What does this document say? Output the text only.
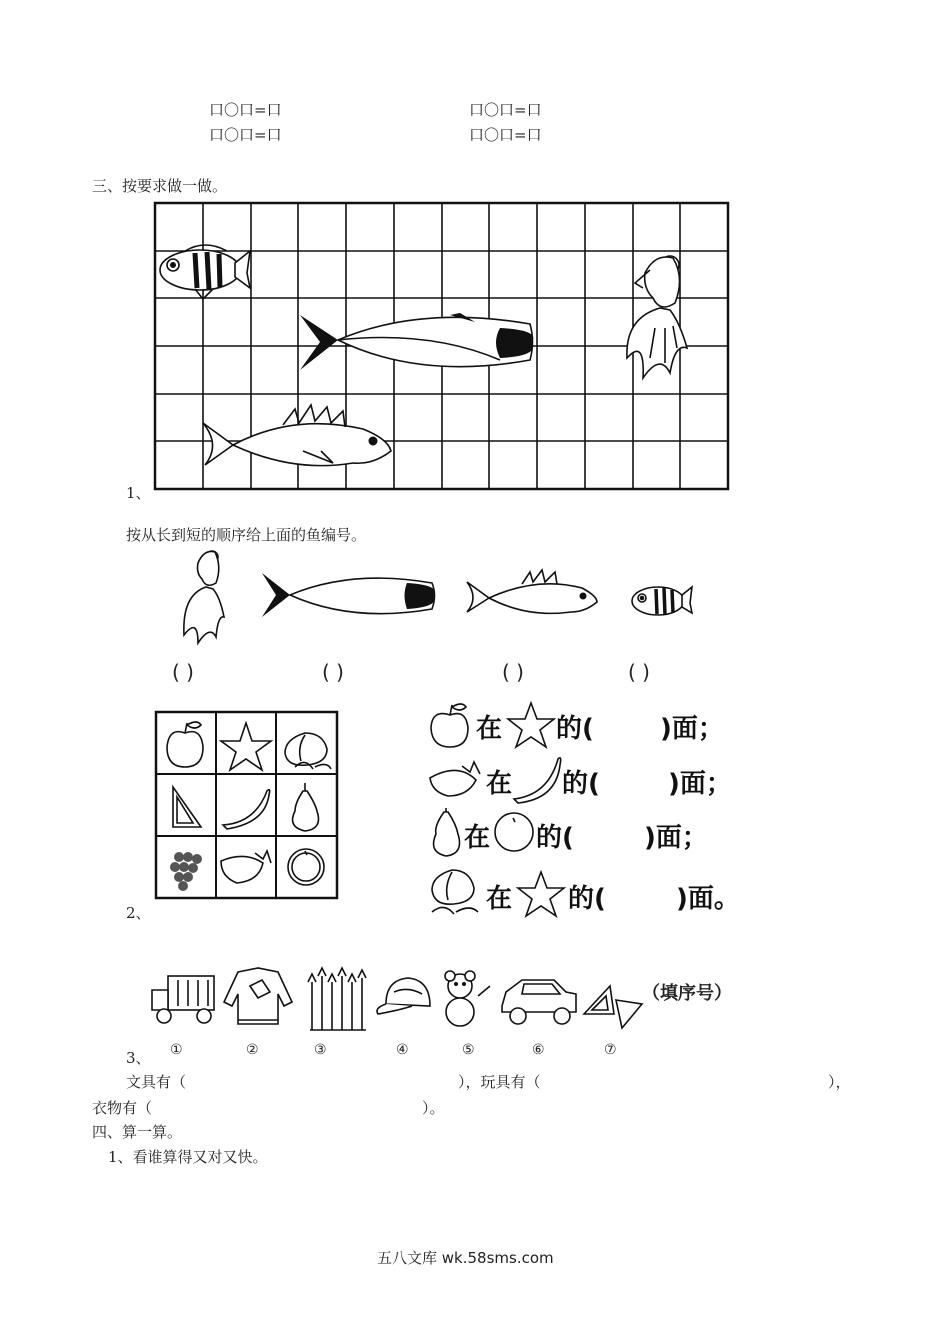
口〇口=口	口〇口=口
口〇口=口	口〇口=口
三、按要求做一做。
1、
按从长到短的顺序给上面的鱼编号。
( )	( )	( )	( )
2、
在 的(	)面；
在 的(	)面；
在 的(	)面；
在 的(	)面。
（填序号）
①	②	③	④	⑤	⑥	⑦
3、
文具有（	），玩具有（	），
衣物有（	）。
四、算一算。
1、看谁算得又对又快。
五八文库 wk.58sms.com
